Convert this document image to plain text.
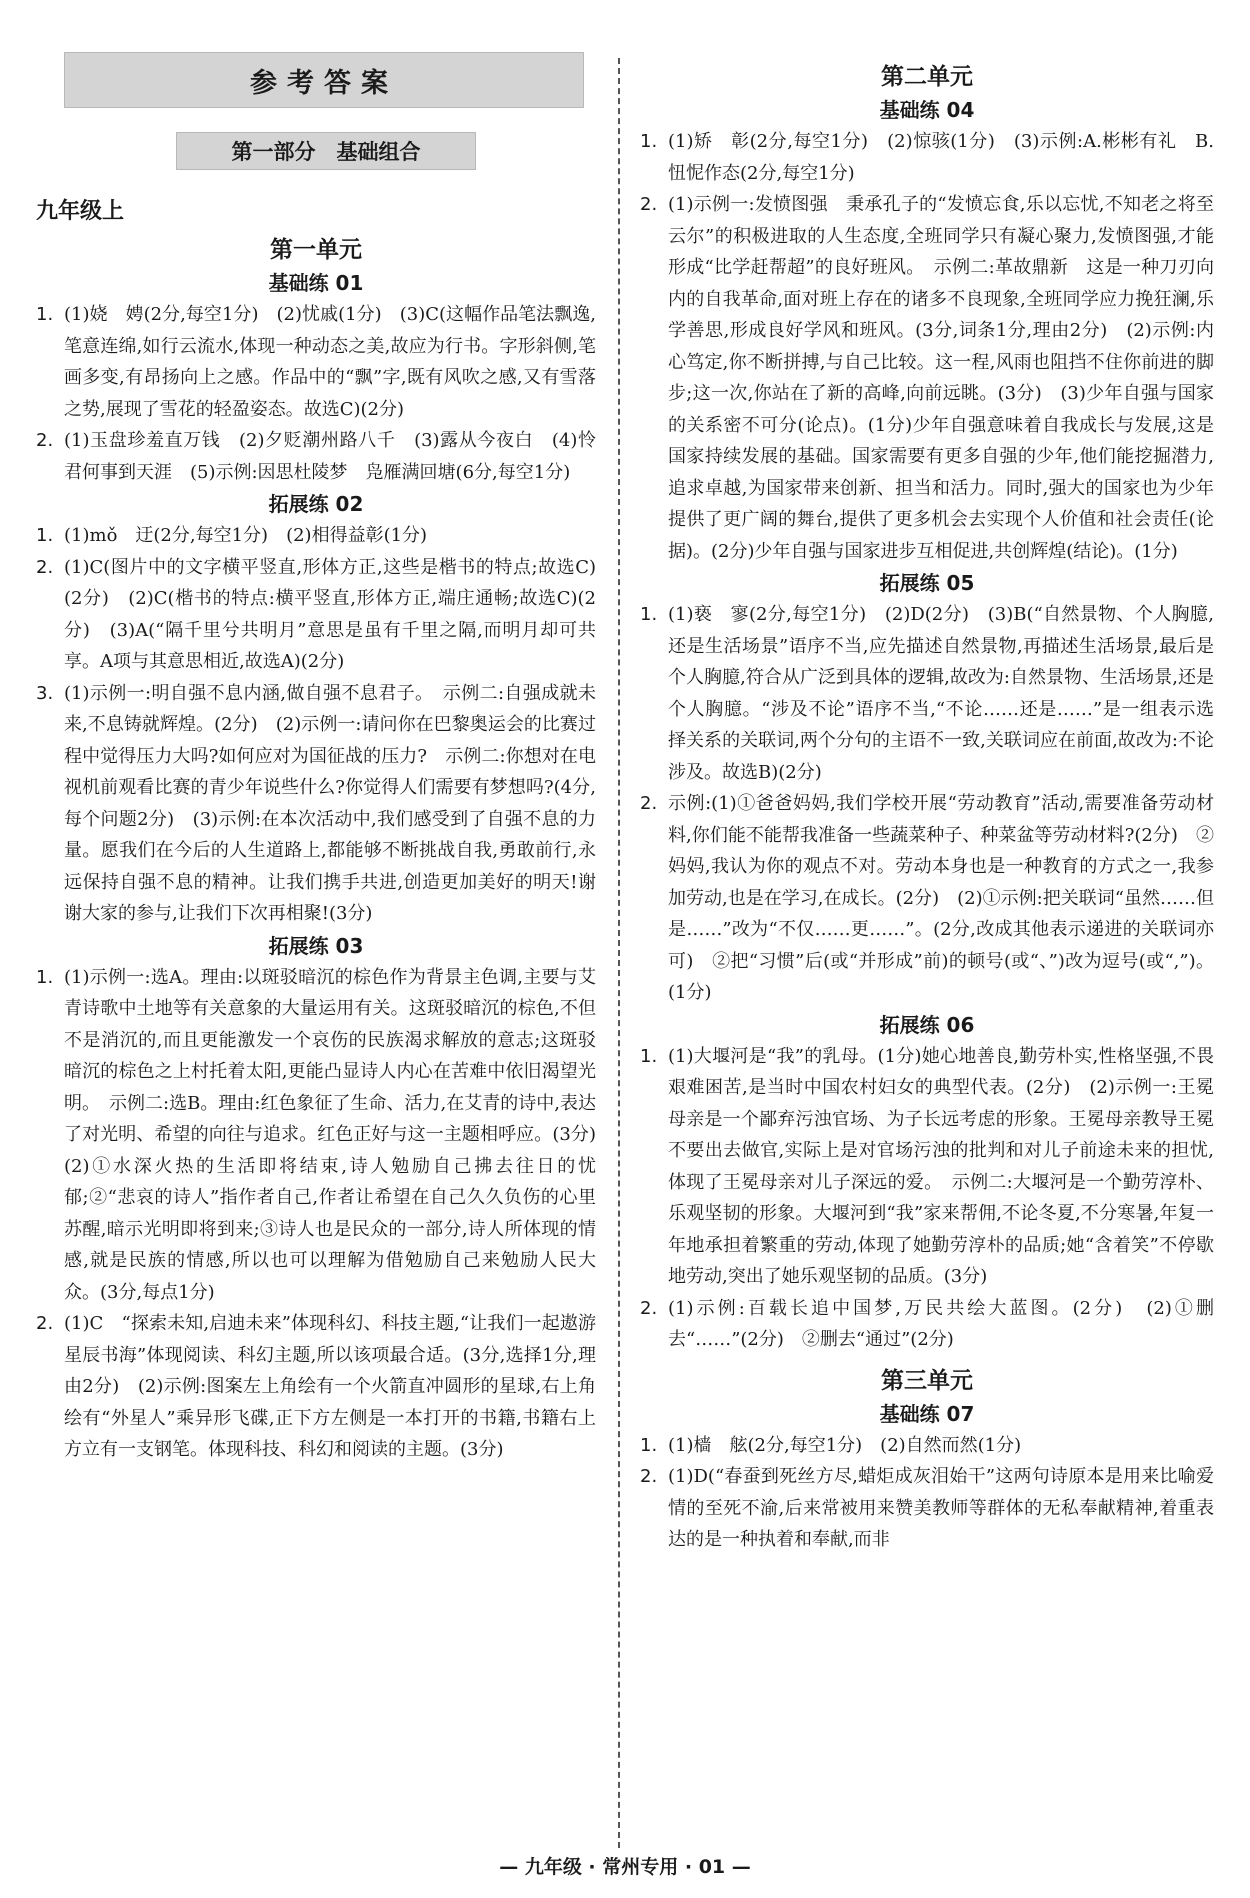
参考答案
第一部分　基础组合
九年级上
第一单元
基础练 01
1. (1)娆　娉(2分,每空1分)　(2)忧戚(1分)　(3)C(这幅作品笔法飘逸,笔意连绵,如行云流水,体现一种动态之美,故应为行书。字形斜侧,笔画多变,有昂扬向上之感。作品中的“飘”字,既有风吹之感,又有雪落之势,展现了雪花的轻盈姿态。故选C)(2分)
2. (1)玉盘珍羞直万钱　(2)夕贬潮州路八千　(3)露从今夜白　(4)怜君何事到天涯　(5)示例:因思杜陵梦　凫雁满回塘(6分,每空1分)
拓展练 02
1. (1)mǒ　迂(2分,每空1分)　(2)相得益彰(1分)
2. (1)C(图片中的文字横平竖直,形体方正,这些是楷书的特点;故选C)(2分)　(2)C(楷书的特点:横平竖直,形体方正,端庄通畅;故选C)(2分)　(3)A(“隔千里兮共明月”意思是虽有千里之隔,而明月却可共享。A项与其意思相近,故选A)(2分)
3. (1)示例一:明自强不息内涵,做自强不息君子。　示例二:自强成就未来,不息铸就辉煌。(2分)　(2)示例一:请问你在巴黎奥运会的比赛过程中觉得压力大吗?如何应对为国征战的压力?　示例二:你想对在电视机前观看比赛的青少年说些什么?你觉得人们需要有梦想吗?(4分,每个问题2分)　(3)示例:在本次活动中,我们感受到了自强不息的力量。愿我们在今后的人生道路上,都能够不断挑战自我,勇敢前行,永远保持自强不息的精神。让我们携手共进,创造更加美好的明天!谢谢大家的参与,让我们下次再相聚!(3分)
拓展练 03
1. (1)示例一:选A。理由:以斑驳暗沉的棕色作为背景主色调,主要与艾青诗歌中土地等有关意象的大量运用有关。这斑驳暗沉的棕色,不但不是消沉的,而且更能激发一个哀伤的民族渴求解放的意志;这斑驳暗沉的棕色之上村托着太阳,更能凸显诗人内心在苦难中依旧渴望光明。　示例二:选B。理由:红色象征了生命、活力,在艾青的诗中,表达了对光明、希望的向往与追求。红色正好与这一主题相呼应。(3分)　(2)①水深火热的生活即将结束,诗人勉励自己拂去往日的忧郁;②“悲哀的诗人”指作者自己,作者让希望在自己久久负伤的心里苏醒,暗示光明即将到来;③诗人也是民众的一部分,诗人所体现的情感,就是民族的情感,所以也可以理解为借勉励自己来勉励人民大众。(3分,每点1分)
2. (1)C　“探索未知,启迪未来”体现科幻、科技主题,“让我们一起遨游星辰书海”体现阅读、科幻主题,所以该项最合适。(3分,选择1分,理由2分)　(2)示例:图案左上角绘有一个火箭直冲圆形的星球,右上角绘有“外星人”乘异形飞碟,正下方左侧是一本打开的书籍,书籍右上方立有一支钢笔。体现科技、科幻和阅读的主题。(3分)
第二单元
基础练 04
1. (1)矫　彰(2分,每空1分)　(2)惊骇(1分)　(3)示例:A.彬彬有礼　B.忸怩作态(2分,每空1分)
2. (1)示例一:发愤图强　秉承孔子的“发愤忘食,乐以忘忧,不知老之将至云尔”的积极进取的人生态度,全班同学只有凝心聚力,发愤图强,才能形成“比学赶帮超”的良好班风。　示例二:革故鼎新　这是一种刀刃向内的自我革命,面对班上存在的诸多不良现象,全班同学应力挽狂澜,乐学善思,形成良好学风和班风。(3分,词条1分,理由2分)　(2)示例:内心笃定,你不断拼搏,与自己比较。这一程,风雨也阻挡不住你前进的脚步;这一次,你站在了新的高峰,向前远眺。(3分)　(3)少年自强与国家的关系密不可分(论点)。(1分)少年自强意味着自我成长与发展,这是国家持续发展的基础。国家需要有更多自强的少年,他们能挖掘潜力,追求卓越,为国家带来创新、担当和活力。同时,强大的国家也为少年提供了更广阔的舞台,提供了更多机会去实现个人价值和社会责任(论据)。(2分)少年自强与国家进步互相促进,共创辉煌(结论)。(1分)
拓展练 05
1. (1)亵　寥(2分,每空1分)　(2)D(2分)　(3)B(“自然景物、个人胸臆,还是生活场景”语序不当,应先描述自然景物,再描述生活场景,最后是个人胸臆,符合从广泛到具体的逻辑,故改为:自然景物、生活场景,还是个人胸臆。“涉及不论”语序不当,“不论……还是……”是一组表示选择关系的关联词,两个分句的主语不一致,关联词应在前面,故改为:不论涉及。故选B)(2分)
2. 示例:(1)①爸爸妈妈,我们学校开展“劳动教育”活动,需要准备劳动材料,你们能不能帮我准备一些蔬菜种子、种菜盆等劳动材料?(2分)　②妈妈,我认为你的观点不对。劳动本身也是一种教育的方式之一,我参加劳动,也是在学习,在成长。(2分)　(2)①示例:把关联词“虽然……但是……”改为“不仅……更……”。(2分,改成其他表示递进的关联词亦可)　②把“习惯”后(或“并形成”前)的顿号(或“、”)改为逗号(或“,”)。(1分)
拓展练 06
1. (1)大堰河是“我”的乳母。(1分)她心地善良,勤劳朴实,性格坚强,不畏艰难困苦,是当时中国农村妇女的典型代表。(2分)　(2)示例一:王冕母亲是一个鄙弃污浊官场、为子长远考虑的形象。王冕母亲教导王冕不要出去做官,实际上是对官场污浊的批判和对儿子前途未来的担忧,体现了王冕母亲对儿子深远的爱。　示例二:大堰河是一个勤劳淳朴、乐观坚韧的形象。大堰河到“我”家来帮佣,不论冬夏,不分寒暑,年复一年地承担着繁重的劳动,体现了她勤劳淳朴的品质;她“含着笑”不停歇地劳动,突出了她乐观坚韧的品质。(3分)
2. (1)示例:百载长追中国梦,万民共绘大蓝图。(2分)　(2)①删去“……”(2分)　②删去“通过”(2分)
第三单元
基础练 07
1. (1)樯　舷(2分,每空1分)　(2)自然而然(1分)
2. (1)D(“春蚕到死丝方尽,蜡炬成灰泪始干”这两句诗原本是用来比喻爱情的至死不渝,后来常被用来赞美教师等群体的无私奉献精神,着重表达的是一种执着和奉献,而非
— 九年级 · 常州专用 · 01 —
